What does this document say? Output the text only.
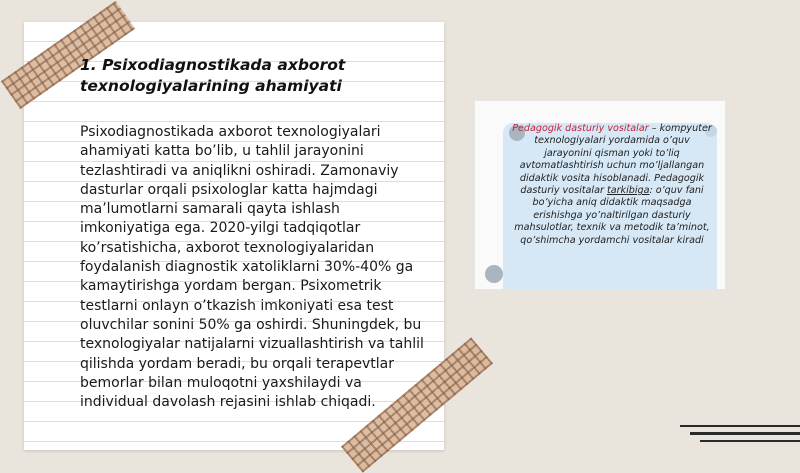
1. Psixodiagnostikada axborot texnologiyalarining ahamiyati
Psixodiagnostikada axborot texnologiyalari ahamiyati katta bo’lib, u tahlil jarayonini tezlashtiradi va aniqlikni oshiradi. Zamonaviy dasturlar orqali psixologlar katta hajmdagi ma’lumotlarni samarali qayta ishlash imkoniyatiga ega. 2020-yilgi tadqiqotlar ko’rsatishicha, axborot texnologiyalaridan foydalanish diagnostik xatoliklarni 30%-40% ga kamaytirishga yordam bergan. Psixometrik testlarni onlayn o’tkazish imkoniyati esa test oluvchilar sonini 50% ga oshirdi. Shuningdek, bu texnologiyalar natijalarni vizuallashtirish va tahlil qilishda yordam beradi, bu orqali terapevtlar bemorlar bilan muloqotni yaxshilaydi va individual davolash rejasini ishlab chiqadi.
Pedagogik dasturiy vositalar – kompyuter texnologiyalari yordamida o’quv jarayonini qisman yoki to’liq avtomatlashtirish uchun mo’ljallangan didaktik vosita hisoblanadi. Pedagogik dasturiy vositalar tarkibiga: o’quv fani bo’yicha aniq didaktik maqsadga erishishga yo’naltirilgan dasturiy mahsulotlar, texnik va metodik ta’minot, qo’shimcha yordamchi vositalar kiradi
